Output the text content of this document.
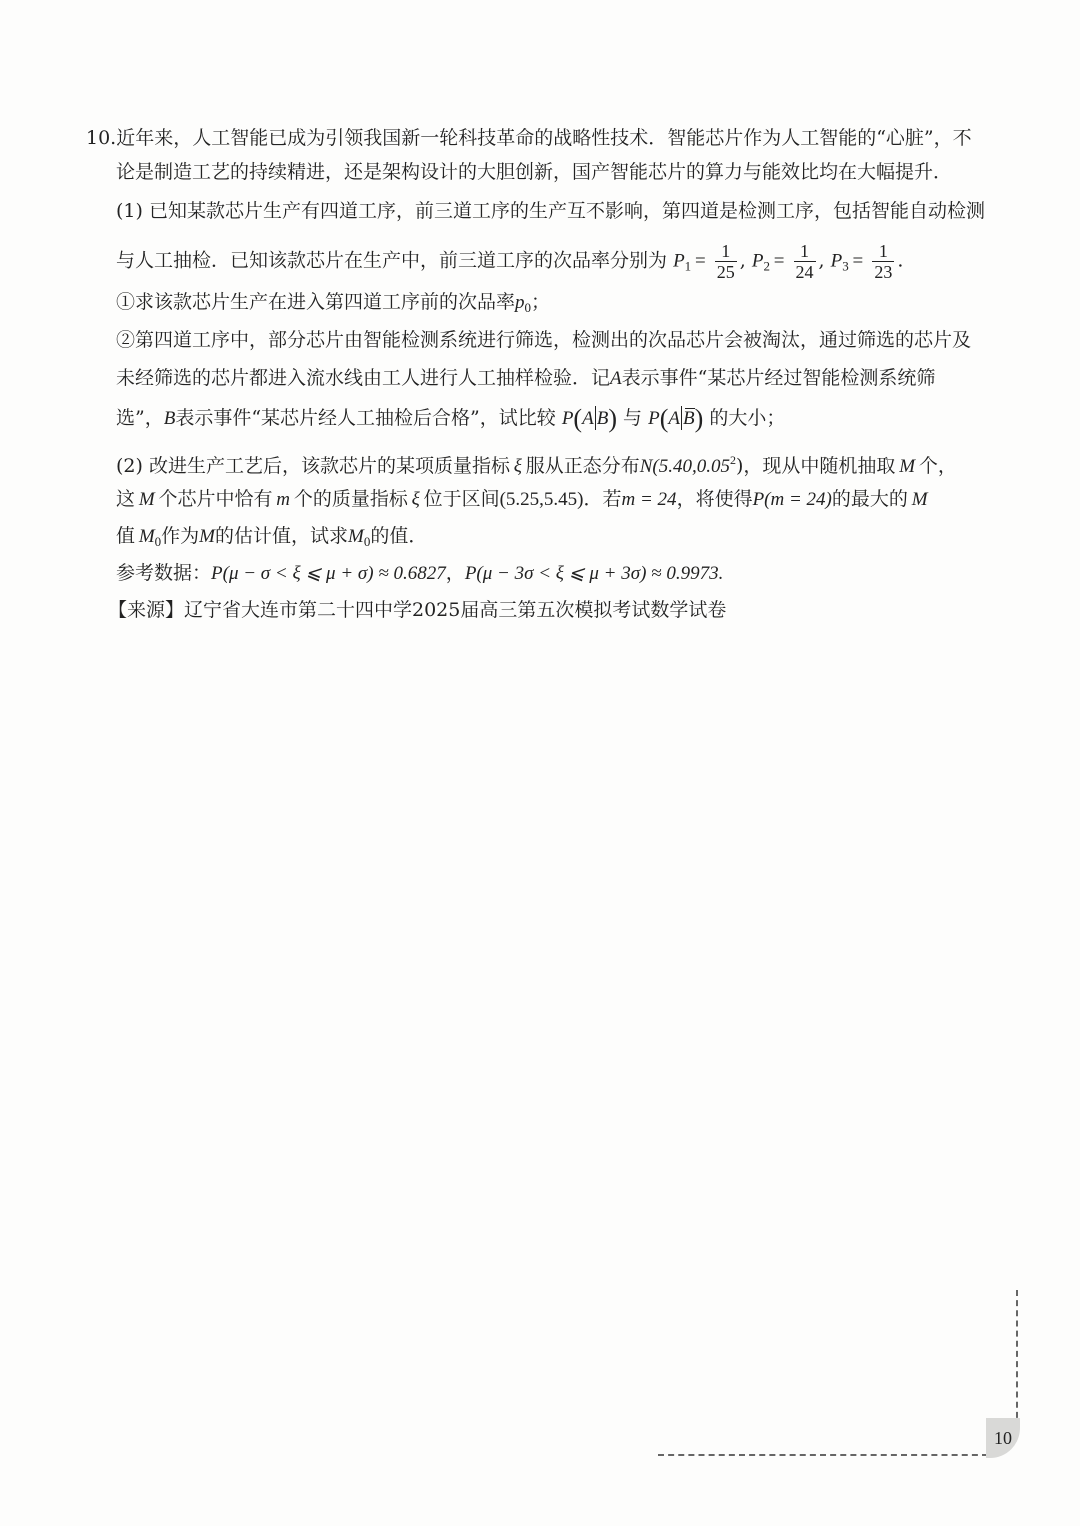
10.近年来，人工智能已成为引领我国新一轮科技革命的战略性技术．智能芯片作为人工智能的“心脏”，不
论是制造工艺的持续精进，还是架构设计的大胆创新，国产智能芯片的算力与能效比均在大幅提升．
(1) 已知某款芯片生产有四道工序，前三道工序的生产互不影响，第四道是检测工序，包括智能自动检测
与人工抽检．已知该款芯片在生产中，前三道工序的次品率分别为 $P_1 = \frac{1}{25}$ , $P_2 = \frac{1}{24}$ , $P_3 = \frac{1}{23}$ .
①求该款芯片生产在进入第四道工序前的次品率$p_0$；
②第四道工序中，部分芯片由智能检测系统进行筛选，检测出的次品芯片会被淘汰，通过筛选的芯片及
未经筛选的芯片都进入流水线由工人进行人工抽样检验．记A表示事件“某芯片经过智能检测系统筛
选”，B表示事件“某芯片经人工抽检后合格”，试比较 P(A B) 与 P(A B) 的大小；
(2) 改进生产工艺后，该款芯片的某项质量指标 ξ 服从正态分布N(5.40,0.05$^2$)，现从中随机抽取 M 个，
这 M 个芯片中恰有 m 个的质量指标 ξ 位于区间(5.25,5.45)．若m = 24，将使得P(m = 24)的最大的 M
值 $M_0$作为M的估计值，试求$M_0$的值．
参考数据：P(μ − σ < ξ ⩽ μ + σ) ≈ 0.6827，P(μ − 3σ < ξ ⩽ μ + 3σ) ≈ 0.9973.
【来源】辽宁省大连市第二十四中学2025届高三第五次模拟考试数学试卷
10
